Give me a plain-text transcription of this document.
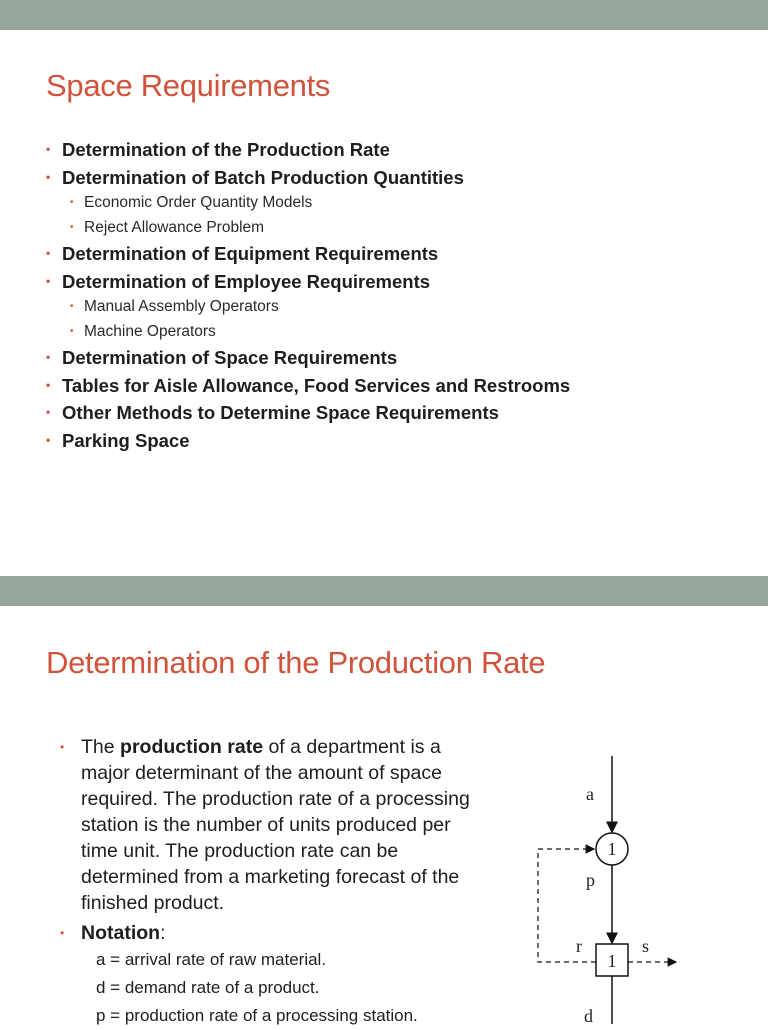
Space Requirements
• Determination of the Production Rate
• Determination of Batch Production Quantities
• Economic Order Quantity Models
• Reject Allowance Problem
• Determination of Equipment Requirements
• Determination of Employee Requirements
• Manual Assembly Operators
• Machine Operators
• Determination of Space Requirements
• Tables for Aisle Allowance, Food Services and Restrooms
• Other Methods to Determine Space Requirements
• Parking Space
Determination of the Production Rate
• The production rate of a department is a major determinant of the amount of space required. The production rate of a processing station is the number of units produced per time unit. The production rate can be determined from a marketing forecast of the finished product.
• Notation:
a = arrival rate of raw material.
d = demand rate of a product.
p = production rate of a processing station.
a
1
p
r
1
s
d
